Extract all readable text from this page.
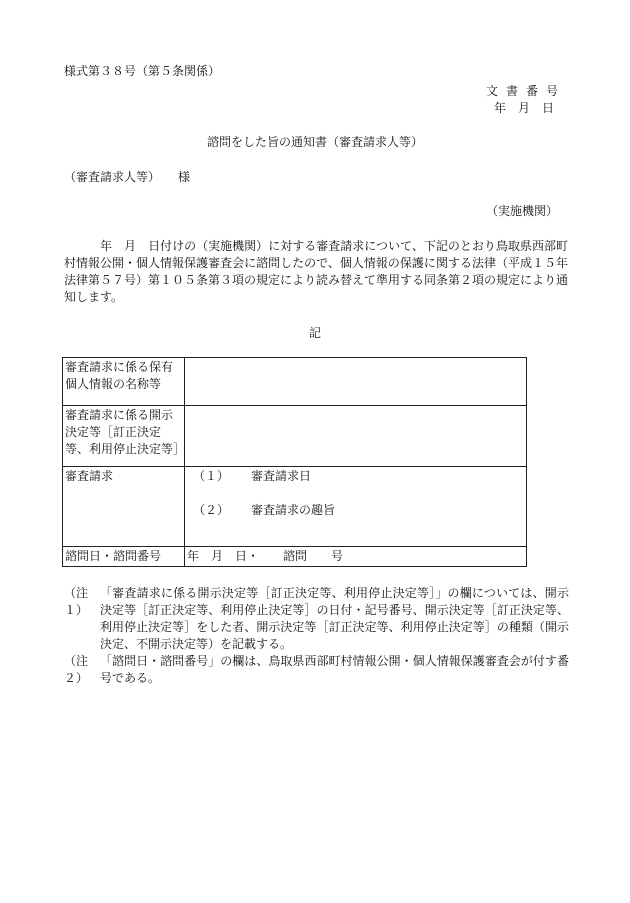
様式第３８号（第５条関係）
文書番号
年月日
諮問をした旨の通知書（審査請求人等）
（審査請求人等）　　様
（実施機関）

　　　年　月　日付けの（実施機関）に対する審査請求について、下記のとおり鳥取県西部町村情報公開・個人情報保護審査会に諮問したので、個人情報の保護に関する法律（平成１５年法律第５７号）第１０５条第３項の規定により読み替えて準用する同条第２項の規定により通知します。

記
審査請求に係る保有個人情報の名称等	
審査請求に係る開示決定等［訂正決定等、利用停止決定等］	
審査請求	（１） 審査請求日
（２） 審査請求の趣旨

諮問日・諮問番号	年　月　日・　　諮問　　号
（注１）
「審査請求に係る開示決定等［訂正決定等、利用停止決定等］」の欄については、開示決定等［訂正決定等、利用停止決定等］の日付・記号番号、開示決定等［訂正決定等、利用停止決定等］をした者、開示決定等［訂正決定等、利用停止決定等］の種類（開示決定、不開示決定等）を記載する。
（注２）
「諮問日・諮問番号」の欄は、鳥取県西部町村情報公開・個人情報保護審査会が付す番号である。
